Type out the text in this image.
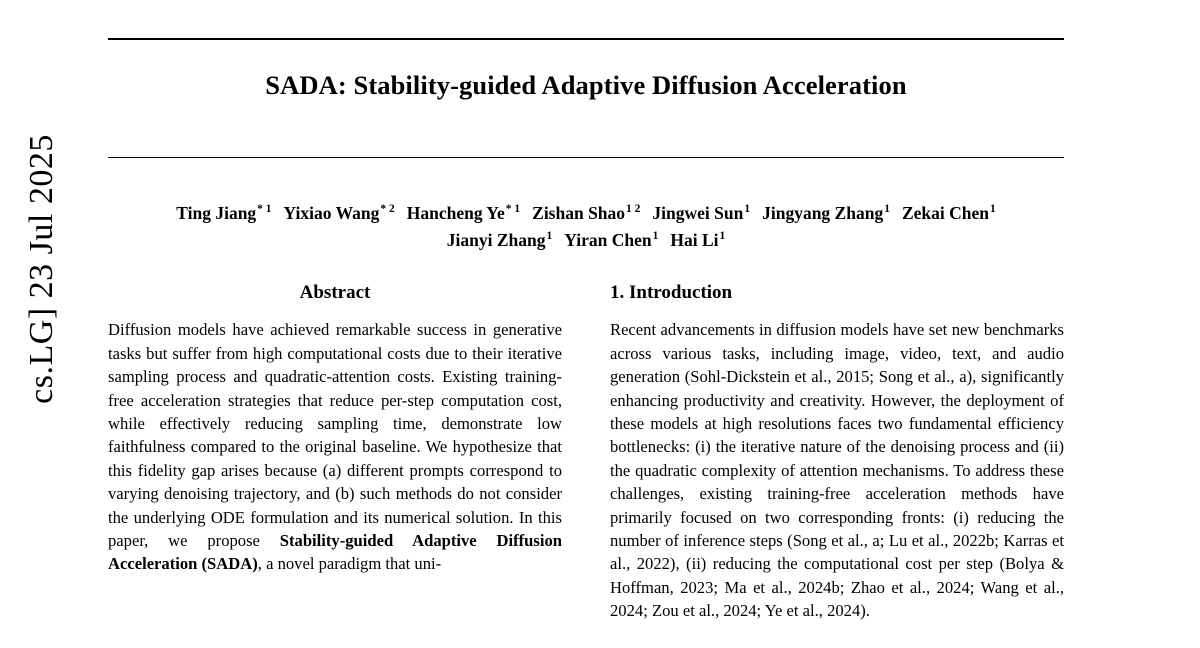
cs.LG] 23 Jul 2025
SADA: Stability-guided Adaptive Diffusion Acceleration
Ting Jiang$^{* 1}$ Yixiao Wang$^{* 2}$ Hancheng Ye$^{* 1}$ Zishan Shao$^{1 2}$ Jingwei Sun$^1$ Jingyang Zhang$^1$ Zekai Chen$^1$
Jianyi Zhang$^1$ Yiran Chen$^1$ Hai Li$^1$
Abstract
Diffusion models have achieved remarkable success in generative tasks but suffer from high computational costs due to their iterative sampling process and quadratic-attention costs. Existing training-free acceleration strategies that reduce per-step computation cost, while effectively reducing sampling time, demonstrate low faithfulness compared to the original baseline. We hypothesize that this fidelity gap arises because (a) different prompts correspond to varying denoising trajectory, and (b) such methods do not consider the underlying ODE formulation and its numerical solution. In this paper, we propose Stability-guided Adaptive Diffusion Acceleration (SADA), a novel paradigm that uni-
1. Introduction
Recent advancements in diffusion models have set new benchmarks across various tasks, including image, video, text, and audio generation (Sohl-Dickstein et al., 2015; Song et al., a), significantly enhancing productivity and creativity. However, the deployment of these models at high resolutions faces two fundamental efficiency bottlenecks: (i) the iterative nature of the denoising process and (ii) the quadratic complexity of attention mechanisms. To address these challenges, existing training-free acceleration methods have primarily focused on two corresponding fronts: (i) reducing the number of inference steps (Song et al., a; Lu et al., 2022b; Karras et al., 2022), (ii) reducing the computational cost per step (Bolya & Hoffman, 2023; Ma et al., 2024b; Zhao et al., 2024; Wang et al., 2024; Zou et al., 2024; Ye et al., 2024).
